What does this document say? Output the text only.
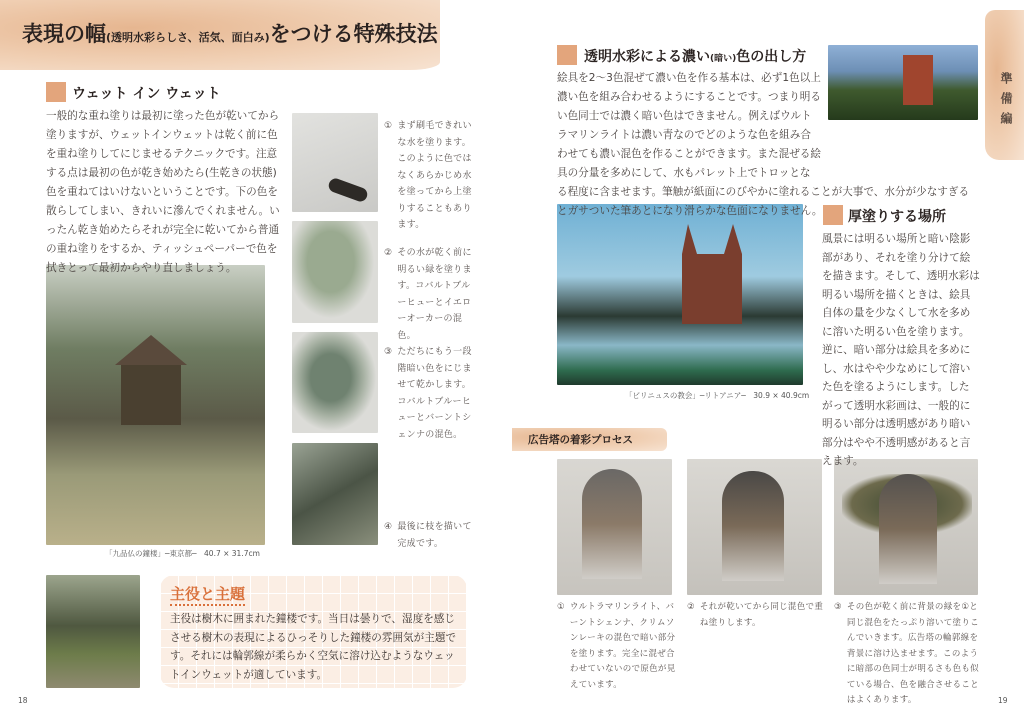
表現の幅(透明水彩らしさ、活気、面白み)をつける特殊技法
ウェット イン ウェット
一般的な重ね塗りは最初に塗った色が乾いてから塗りますが、ウェットインウェットは乾く前に色を重ね塗りしてにじませるテクニックです。注意する点は最初の色が乾き始めたら(生乾きの状態)色を重ねてはいけないということです。下の色を散らしてしまい、きれいに滲んでくれません。いったん乾き始めたらそれが完全に乾いてから普通の重ね塗りをするか、ティッシュペーパーで色を拭きとって最初からやり直しましょう。
① まず刷毛できれいな水を塗ります。このように色ではなくあらかじめ水を塗ってから上塗りすることもあります。
② その水が乾く前に明るい緑を塗ります。コバルトブルーヒューとイエローオーカーの混色。
③ ただちにもう一段階暗い色をにじませて乾かします。コバルトブルーヒューとバーントシェンナの混色。
④ 最後に枝を描いて完成です。
「九品仏の鐘楼」─東京都─　40.7 × 31.7cm
主役と主題
主役は樹木に囲まれた鐘楼です。当日は曇りで、湿度を感じさせる樹木の表現によるひっそりした鐘楼の雰囲気が主題です。それには輪郭線が柔らかく空気に溶け込むようなウェットインウェットが適しています。
18
準備編
透明水彩による濃い(暗い)色の出し方
絵具を2～3色混ぜて濃い色を作る基本は、必ず1色以上濃い色を組み合わせるようにすることです。つまり明るい色同士では濃く暗い色はできません。例えばウルトラマリンライトは濃い青なのでどのような色を組み合わせても濃い混色を作ることができます。また混ぜる絵具の分量を多めにして、水もパレット上でトロッとなる程度に含ませます。筆触が紙面にのびやかに塗れることが大事で、水分が少なすぎるとガサついた筆あとになり滑らかな色面になりません。
「ビリニュスの教会」─リトアニア─　30.9 × 40.9cm
厚塗りする場所
風景には明るい場所と暗い陰影部があり、それを塗り分けて絵を描きます。そして、透明水彩は明るい場所を描くときは、絵具自体の量を少なくして水を多めに溶いた明るい色を塗ります。逆に、暗い部分は絵具を多めにし、水はやや少なめにして溶いた色を塗るようにします。したがって透明水彩画は、一般的に明るい部分は透明感があり暗い部分はやや不透明感があると言えます。
広告塔の着彩プロセス
① ウルトラマリンライト、バーントシェンナ、クリムソンレーキの混色で暗い部分を塗ります。完全に混ぜ合わせていないので原色が見えています。
② それが乾いてから同じ混色で重ね塗りします。
③ その色が乾く前に背景の緑を①と同じ混色をたっぷり溶いて塗りこんでいきます。広告塔の輪郭線を背景に溶け込ませます。このように暗部の色同士が明るさも色も似ている場合、色を融合させることはよくあります。	19
